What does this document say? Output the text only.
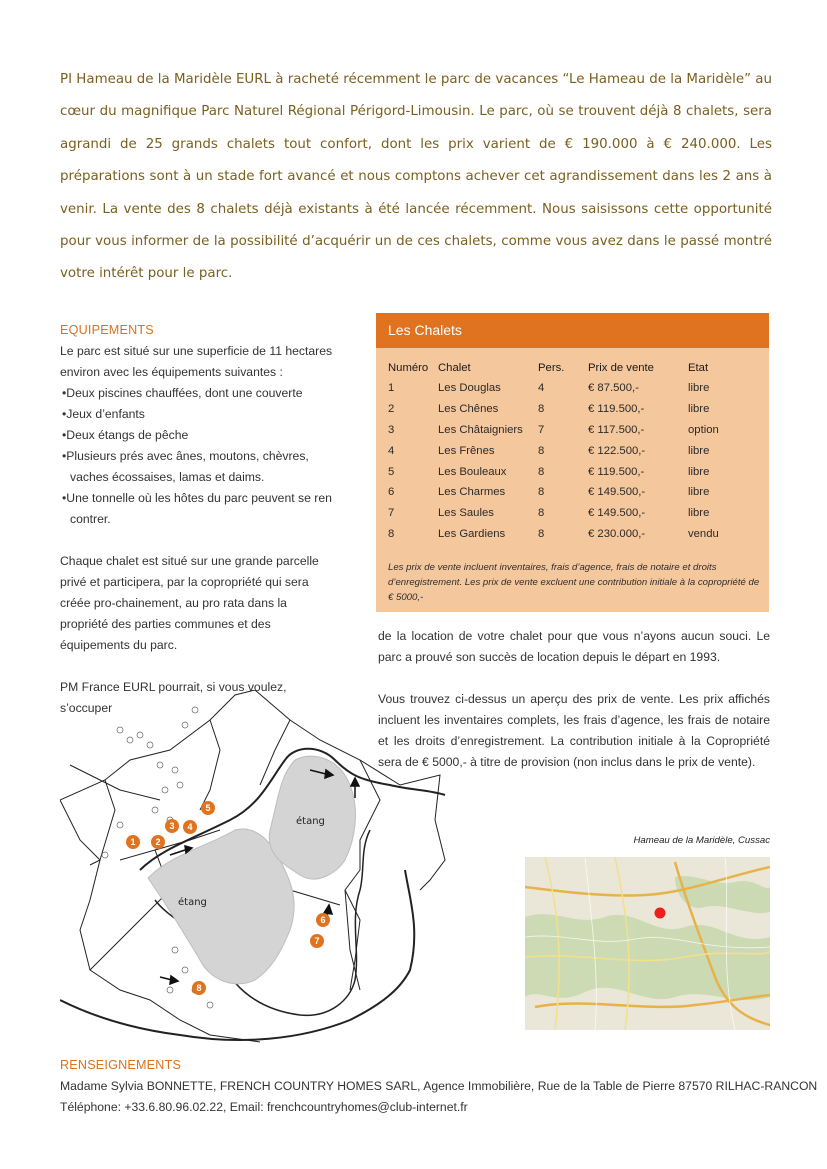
PI Hameau de la Maridèle EURL à racheté récemment le parc de vacances “Le Hameau de la Maridèle” au cœur du magnifique Parc Naturel Régional Périgord-Limousin. Le parc, où se trouvent déjà 8 chalets, sera agrandi de 25 grands chalets tout confort, dont les prix varient de € 190.000 à € 240.000. Les préparations sont à un stade fort avancé et nous comptons achever cet agrandissement dans les 2 ans à venir. La vente des 8 chalets déjà existants à été lancée récemment. Nous saisissons cette opportunité pour vous informer de la possibilité d’acquérir un de ces chalets, comme vous avez dans le passé montré votre intérêt pour le parc.
EQUIPEMENTS

Le parc est situé sur une superficie de 11 hectares environ avec les équipements suivantes :

• Deux piscines chauffées, dont une couverte
• Jeux d’enfants
• Deux étangs de pêche
• Plusieurs prés avec ânes, moutons, chèvres, vaches écossaises, lamas et daims.
• Une tonnelle où les hôtes du parc peuvent se ren contrer.

Chaque chalet est situé sur une grande parcelle privé et participera, par la copropriété qui sera créée pro-chainement, au pro rata dans la propriété des parties communes et des équipements du parc.

PM France EURL pourrait, si vous voulez, s’occuper

Les Chalets
Numéro	Chalet	Pers.	Prix de vente	Etat
1	Les Douglas	4	€ 87.500,-	libre
2	Les Chênes	8	€ 119.500,-	libre
3	Les Châtaigniers	7	€ 117.500,-	option
4	Les Frênes	8	€ 122.500,-	libre
5	Les Bouleaux	8	€ 119.500,-	libre
6	Les Charmes	8	€ 149.500,-	libre
7	Les Saules	8	€ 149.500,-	libre
8	Les Gardiens	8	€ 230.000,-	vendu
Les prix de vente incluent inventaires, frais d’agence, frais de notaire et droits d’enregistrement. Les prix de vente excluent une contribution initiale à la copropriété de € 5000,-

de la location de votre chalet pour que vous n’ayons aucun souci. Le parc a prouvé son succès de location depuis le départ en 1993.

Vous trouvez ci-dessus un aperçu des prix de vente. Les prix affichés incluent les inventaires complets, les frais d’agence, les frais de notaire et les droits d’enregistrement. La contribution initiale à la Copropriété sera de € 5000,- à titre de provision (non inclus dans le prix de vente).

étang
étang
1 2
3 4
5
6
7
8
Hameau de la Maridèle, Cussac
RENSEIGNEMENTS
Madame Sylvia BONNETTE, FRENCH COUNTRY HOMES SARL, Agence Immobilière, Rue de la Table de Pierre 87570 RILHAC-RANCON
Téléphone: +33.6.80.96.02.22, Email: frenchcountryhomes@club-internet.fr
